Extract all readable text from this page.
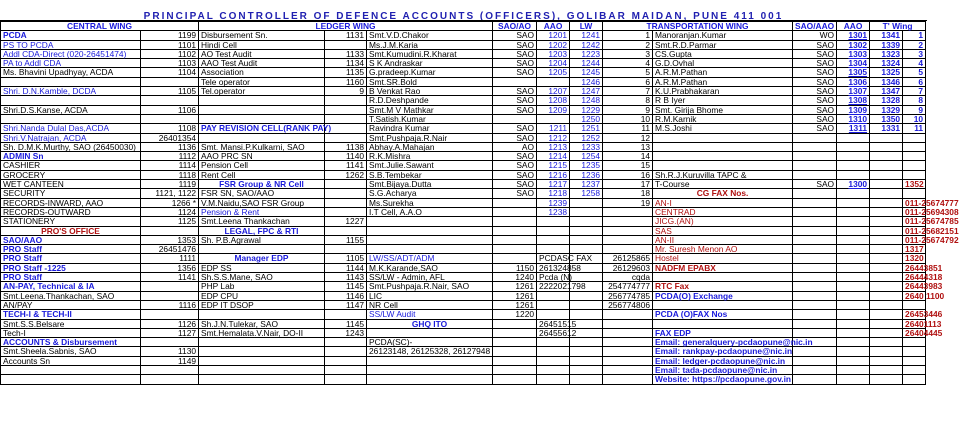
PRINCIPAL CONTROLLER OF DEFENCE ACCOUNTS (OFFICERS), GOLIBAR MAIDAN, PUNE 411 001
CENTRAL WING		LEDGER WING			SAO/AO	AAO	LW	TRANSPORTATION WING		SAO/AAO	AAO	T' Wing	
PCDA	1199	Disbursement Sn.	1131	Smt.V.D.Chakor	SAO	1201	1241	1	Manoranjan.Kumar	WO	1301	1341	1
PS TO PCDA	1101	Hindi Cell		Ms.J.M.Karia	SAO	1202	1242	2	Smt.R.D.Parmar	SAO	1302	1339	2
Addl CDA-Direct (020-26451474)	1102	AO Test Audit	1133	Smt.Kumudini.R.Kharat	SAO	1203	1223	3	CS.Gupta	SAO	1303	1323	3
PA to Addl CDA	1103	AAO Test Audit	1134	S K Andraskar	SAO	1204	1244	4	G.D.Ovhal	SAO	1304	1324	4
Ms. Bhavini Upadhyay, ACDA	1104	Association	1135	G.pradeep.Kumar	SAO	1205	1245	5	A.R.M.Pathan	SAO	1305	1325	5
		Tele operator	1160	Smt.SR.Bold			1246	6	A.R.M.Pathan	SAO	1306	1346	6
Shri. D.N.Kamble, DCDA	1105	Tel.operator	9	B Venkat Rao	SAO	1207	1247	7	K.U.Prabhakaran	SAO	1307	1347	7
				R.D.Deshpande	SAO	1208	1248	8	R B Iyer	SAO	1308	1328	8
Shri.D.S.Kanse, ACDA	1106			Smt.M V Mathkar	SAO	1209	1229	9	Smt. Girija Bhome	SAO	1309	1329	9
				T.Satish.Kumar			1250	10	R.M.Karnik	SAO	1310	1350	10
Shri.Nanda Dulal Das,ACDA	1108	PAY REVISION CELL(RANK PAY)		Ravindra Kumar	SAO	1211	1251	11	M.S.Joshi	SAO	1311	1331	11
Shri.V.Natrajan, ACDA	26401354			Smt.Pushpaja.R.Nair	SAO	1212	1252	12					
Sh. D.M.K.Murthy, SAO (26450030)	1136	Smt. Mansi.P.Kulkarni, SAO	1138	Abhay.A.Mahajan	AO	1213	1233	13					
ADMIN Sn	1112	AAO PRC SN	1140	R.K.Mishra	SAO	1214	1254	14					
CASHIER	1114	Pension Cell	1141	Smt.Julie.Sawant	SAO	1215	1235	15					
GROCERY	1118	Rent Cell	1262	S.B.Tembekar	SAO	1216	1236	16	Sh.R.J.Kuruvilla TAPC &				
WET CANTEEN	1119	FSR Group & NR Cell		Smt.Bijaya.Dutta	SAO	1217	1237	17	T-Course	SAO	1300		1352
SECURITY	1121, 1122	FSR SN, SAO/AAO		S.G.Acharya	SAO	1218	1258	18	CG FAX Nos.				
RECORDS-INWARD, AAO	1266 *	V.M.Naidu,SAO FSR Group		Ms.Surekha		1239		19	AN-I				011-25674777
RECORDS-OUTWARD	1124	Pension & Rent		I.T Cell, A.A.O		1238			CENTRAD				011-25694308
STATIONERY	1125	Smt.Leena Thankachan	1227						JICG.(AN)				011-25674785
PRO'S OFFICE		LEGAL, FPC & RTI							SAS				011-25682151
SAO/AAO	1353	Sh. P.B.Agrawal	1155						AN-II				011-25674792
PRO Staff	26451476								Mr. Suresh Menon AO				1317
PRO Staff	1111	Manager EDP	1105	LW/SS/ADT/ADM		PCDASC FAX		26125865	Hostel				1320
PRO Staff -1225	1356	EDP SS	1144	M.K.Karande,SAO	1150	261324858		26129603	NADFM EPABX				26443851
PRO Staff	1141	Sh.S.S.Mane, SAO	1143	SS/LW - Admin, AFL	1240	Pcda (N)		cqda					26444318
AN-PAY, Technical & IA		PHP Lab	1145	Smt.Pushpaja.R.Nair, SAO	1261	2222021798		254774777	RTC Fax				26443983
Smt.Leena.Thankachan, SAO		EDP CPU	1146	LIC	1261			256774785	PCDA(O) Exchange				2640 1100
AN/PAY	1116	EDP IT DSOP	1147	NR Cell	1261			256774806					
TECH-I & TECH-II				SS/LW Audit	1220				PCDA (O)FAX Nos				26453446
Smt.S.S.Belsare	1126	Sh.J.N.Tulekar, SAO	1145	GHQ ITO		26451515							26401113
Tech-I	1127	Smt.Hemalata.V.Nair, DO-II	1243			26455612			FAX EDP				26404445
ACCOUNTS & Disbursement				PCDA(SC)-					Email: generalquery-pcdaopune@nic.in				
Smt.Sheela.Sabnis, SAO	1130			26123148, 26125328, 26127948					Email: rankpay-pcdaopune@nic.in				
Accounts Sn	1149								Email: ledger-pcdaopune@nic.in				
									Email: tada-pcdaopune@nic.in				
									Website: https://pcdaopune.gov.in				
